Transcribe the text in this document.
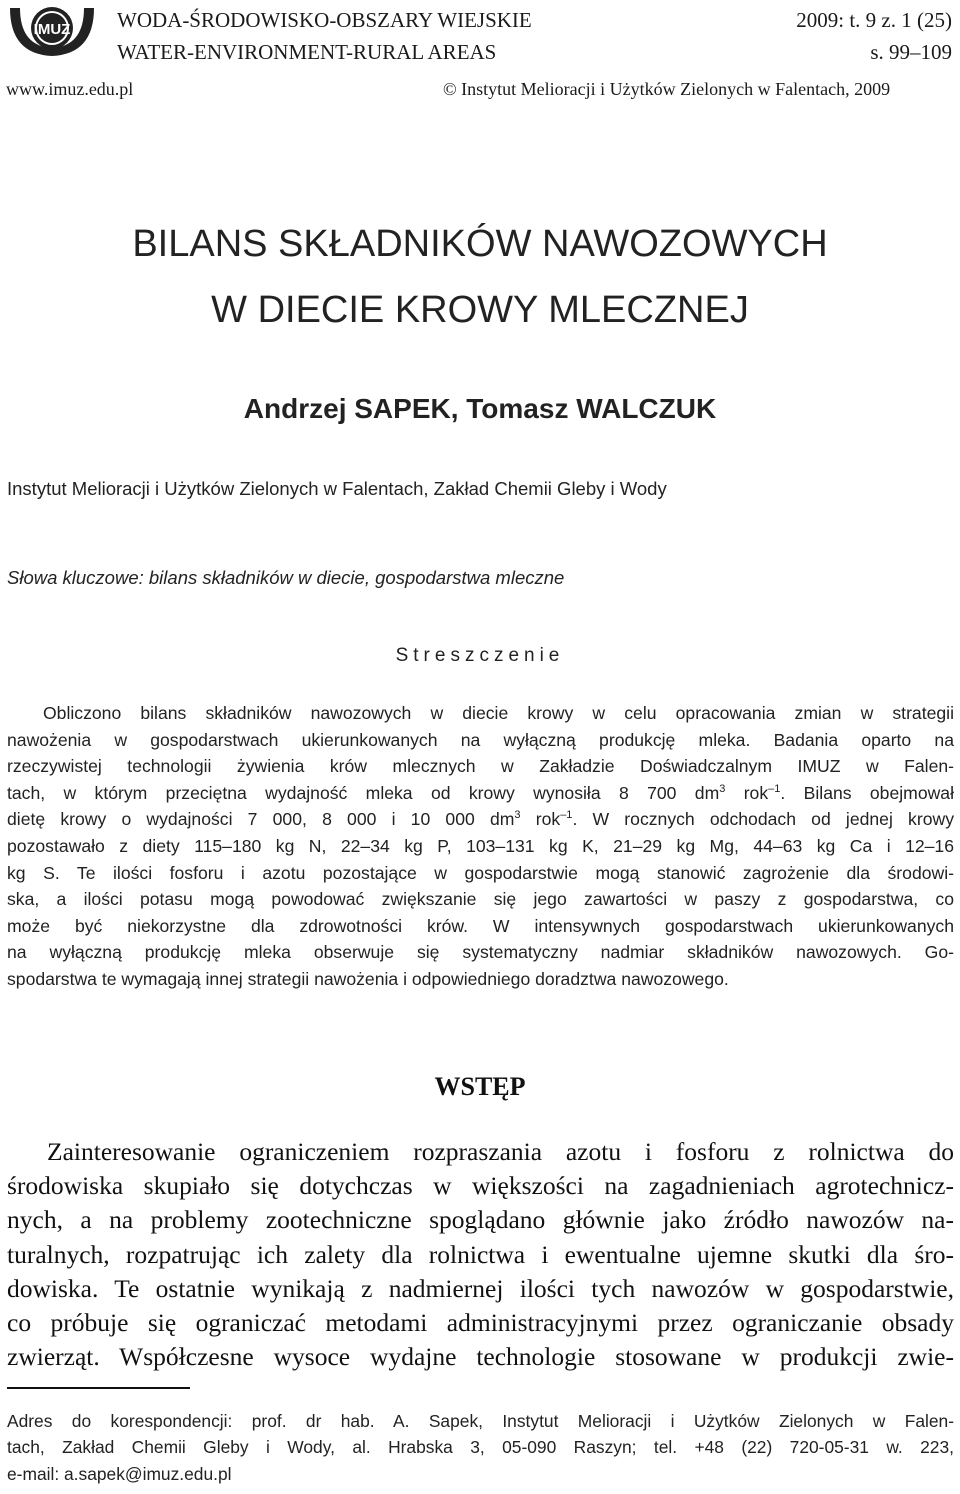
IMUZ WODA-ŚRODOWISKO-OBSZARY WIEJSKIE
WATER-ENVIRONMENT-RURAL AREAS
2009: t. 9 z. 1 (25)
s. 99–109
www.imuz.edu.pl	© Instytut Melioracji i Użytków Zielonych w Falentach, 2009
BILANS SKŁADNIKÓW NAWOZOWYCH
W DIECIE KROWY MLECZNEJ
Andrzej SAPEK, Tomasz WALCZUK
Instytut Melioracji i Użytków Zielonych w Falentach, Zakład Chemii Gleby i Wody
Słowa kluczowe: bilans składników w diecie, gospodarstwa mleczne
Streszczenie
Obliczono bilans składników nawozowych w diecie krowy w celu opracowania zmian w strategii
nawożenia w gospodarstwach ukierunkowanych na wyłączną produkcję mleka. Badania oparto na
rzeczywistej technologii żywienia krów mlecznych w Zakładzie Doświadczalnym IMUZ w Falen-
tach, w którym przeciętna wydajność mleka od krowy wynosiła 8 700 $dm^3$ rok$^{-1}$. Bilans obejmował
dietę krowy o wydajności 7 000, 8 000 i 10 000 $dm^3$ rok$^{-1}$. W rocznych odchodach od jednej krowy
pozostawało z diety 115–180 kg N, 22–34 kg P, 103–131 kg K, 21–29 kg Mg, 44–63 kg Ca i 12–16
kg S. Te ilości fosforu i azotu pozostające w gospodarstwie mogą stanowić zagrożenie dla środowi-
ska, a ilości potasu mogą powodować zwiększanie się jego zawartości w paszy z gospodarstwa, co
może być niekorzystne dla zdrowotności krów. W intensywnych gospodarstwach ukierunkowanych
na wyłączną produkcję mleka obserwuje się systematyczny nadmiar składników nawozowych. Go-
spodarstwa te wymagają innej strategii nawożenia i odpowiedniego doradztwa nawozowego.
WSTĘP
Zainteresowanie ograniczeniem rozpraszania azotu i fosforu z rolnictwa do
środowiska skupiało się dotychczas w większości na zagadnieniach agrotechnicz-
nych, a na problemy zootechniczne spoglądano głównie jako źródło nawozów na-
turalnych, rozpatrując ich zalety dla rolnictwa i ewentualne ujemne skutki dla śro-
dowiska. Te ostatnie wynikają z nadmiernej ilości tych nawozów w gospodarstwie,
co próbuje się ograniczać metodami administracyjnymi przez ograniczanie obsady
zwierząt. Współczesne wysoce wydajne technologie stosowane w produkcji zwie-
Adres do korespondencji: prof. dr hab. A. Sapek, Instytut Melioracji i Użytków Zielonych w Falen-
tach, Zakład Chemii Gleby i Wody, al. Hrabska 3, 05-090 Raszyn; tel. +48 (22) 720-05-31 w. 223,
e-mail: a.sapek@imuz.edu.pl
